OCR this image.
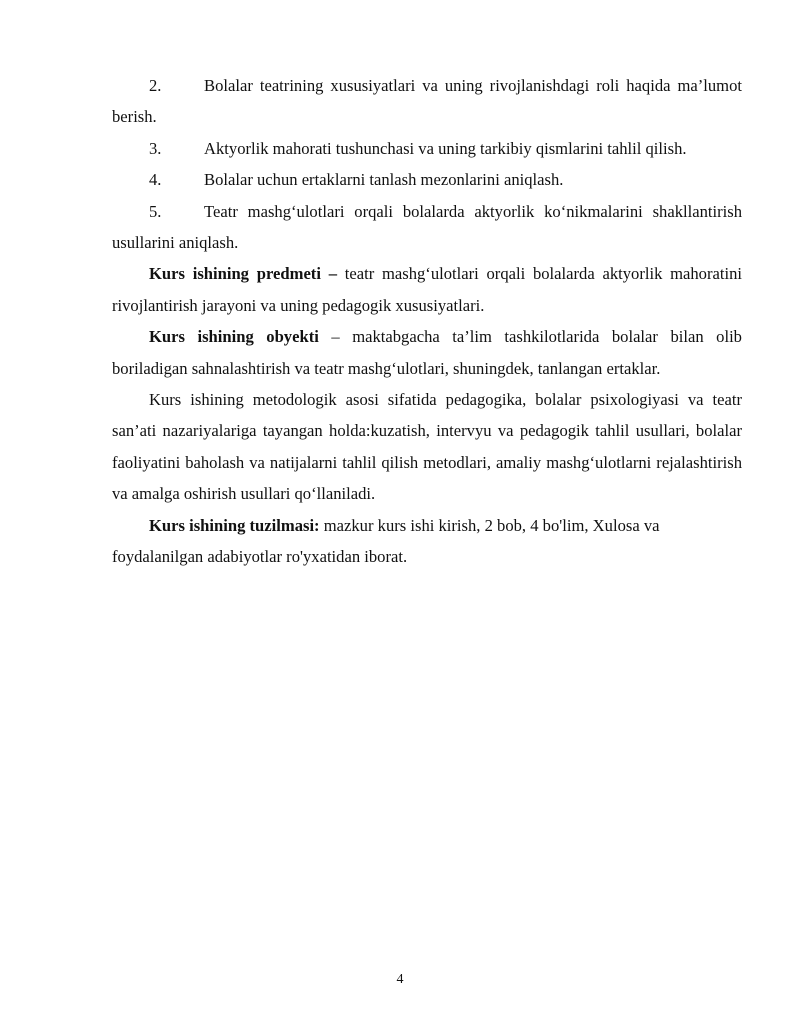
2.	Bolalar teatrining xususiyatlari va uning rivojlanishdagi roli haqida ma’lumot berish.

3.	Aktyorlik mahorati tushunchasi va uning tarkibiy qismlarini tahlil qilish.

4.	Bolalar uchun ertaklarni tanlash mezonlarini aniqlash.

5.	Teatr mashg‘ulotlari orqali bolalarda aktyorlik ko‘nikmalarini shakllantirish usullarini aniqlash.

Kurs ishining predmeti – teatr mashg‘ulotlari orqali bolalarda aktyorlik mahoratini rivojlantirish jarayoni va uning pedagogik xususiyatlari.

Kurs ishining obyekti – maktabgacha ta’lim tashkilotlarida bolalar bilan olib boriladigan sahnalashtirish va teatr mashg‘ulotlari, shuningdek, tanlangan ertaklar.

Kurs ishining metodologik asosi sifatida pedagogika, bolalar psixologiyasi va teatr san’ati nazariyalariga tayangan holda:kuzatish, intervyu va pedagogik tahlil usullari, bolalar faoliyatini baholash va natijalarni tahlil qilish metodlari, amaliy mashg‘ulotlarni rejalashtirish va amalga oshirish usullari qo‘llaniladi.

Kurs ishining tuzilmasi: mazkur kurs ishi kirish, 2 bob, 4 bo'lim, Xulosa va foydalanilgan adabiyotlar ro'yxatidan iborat.

4
